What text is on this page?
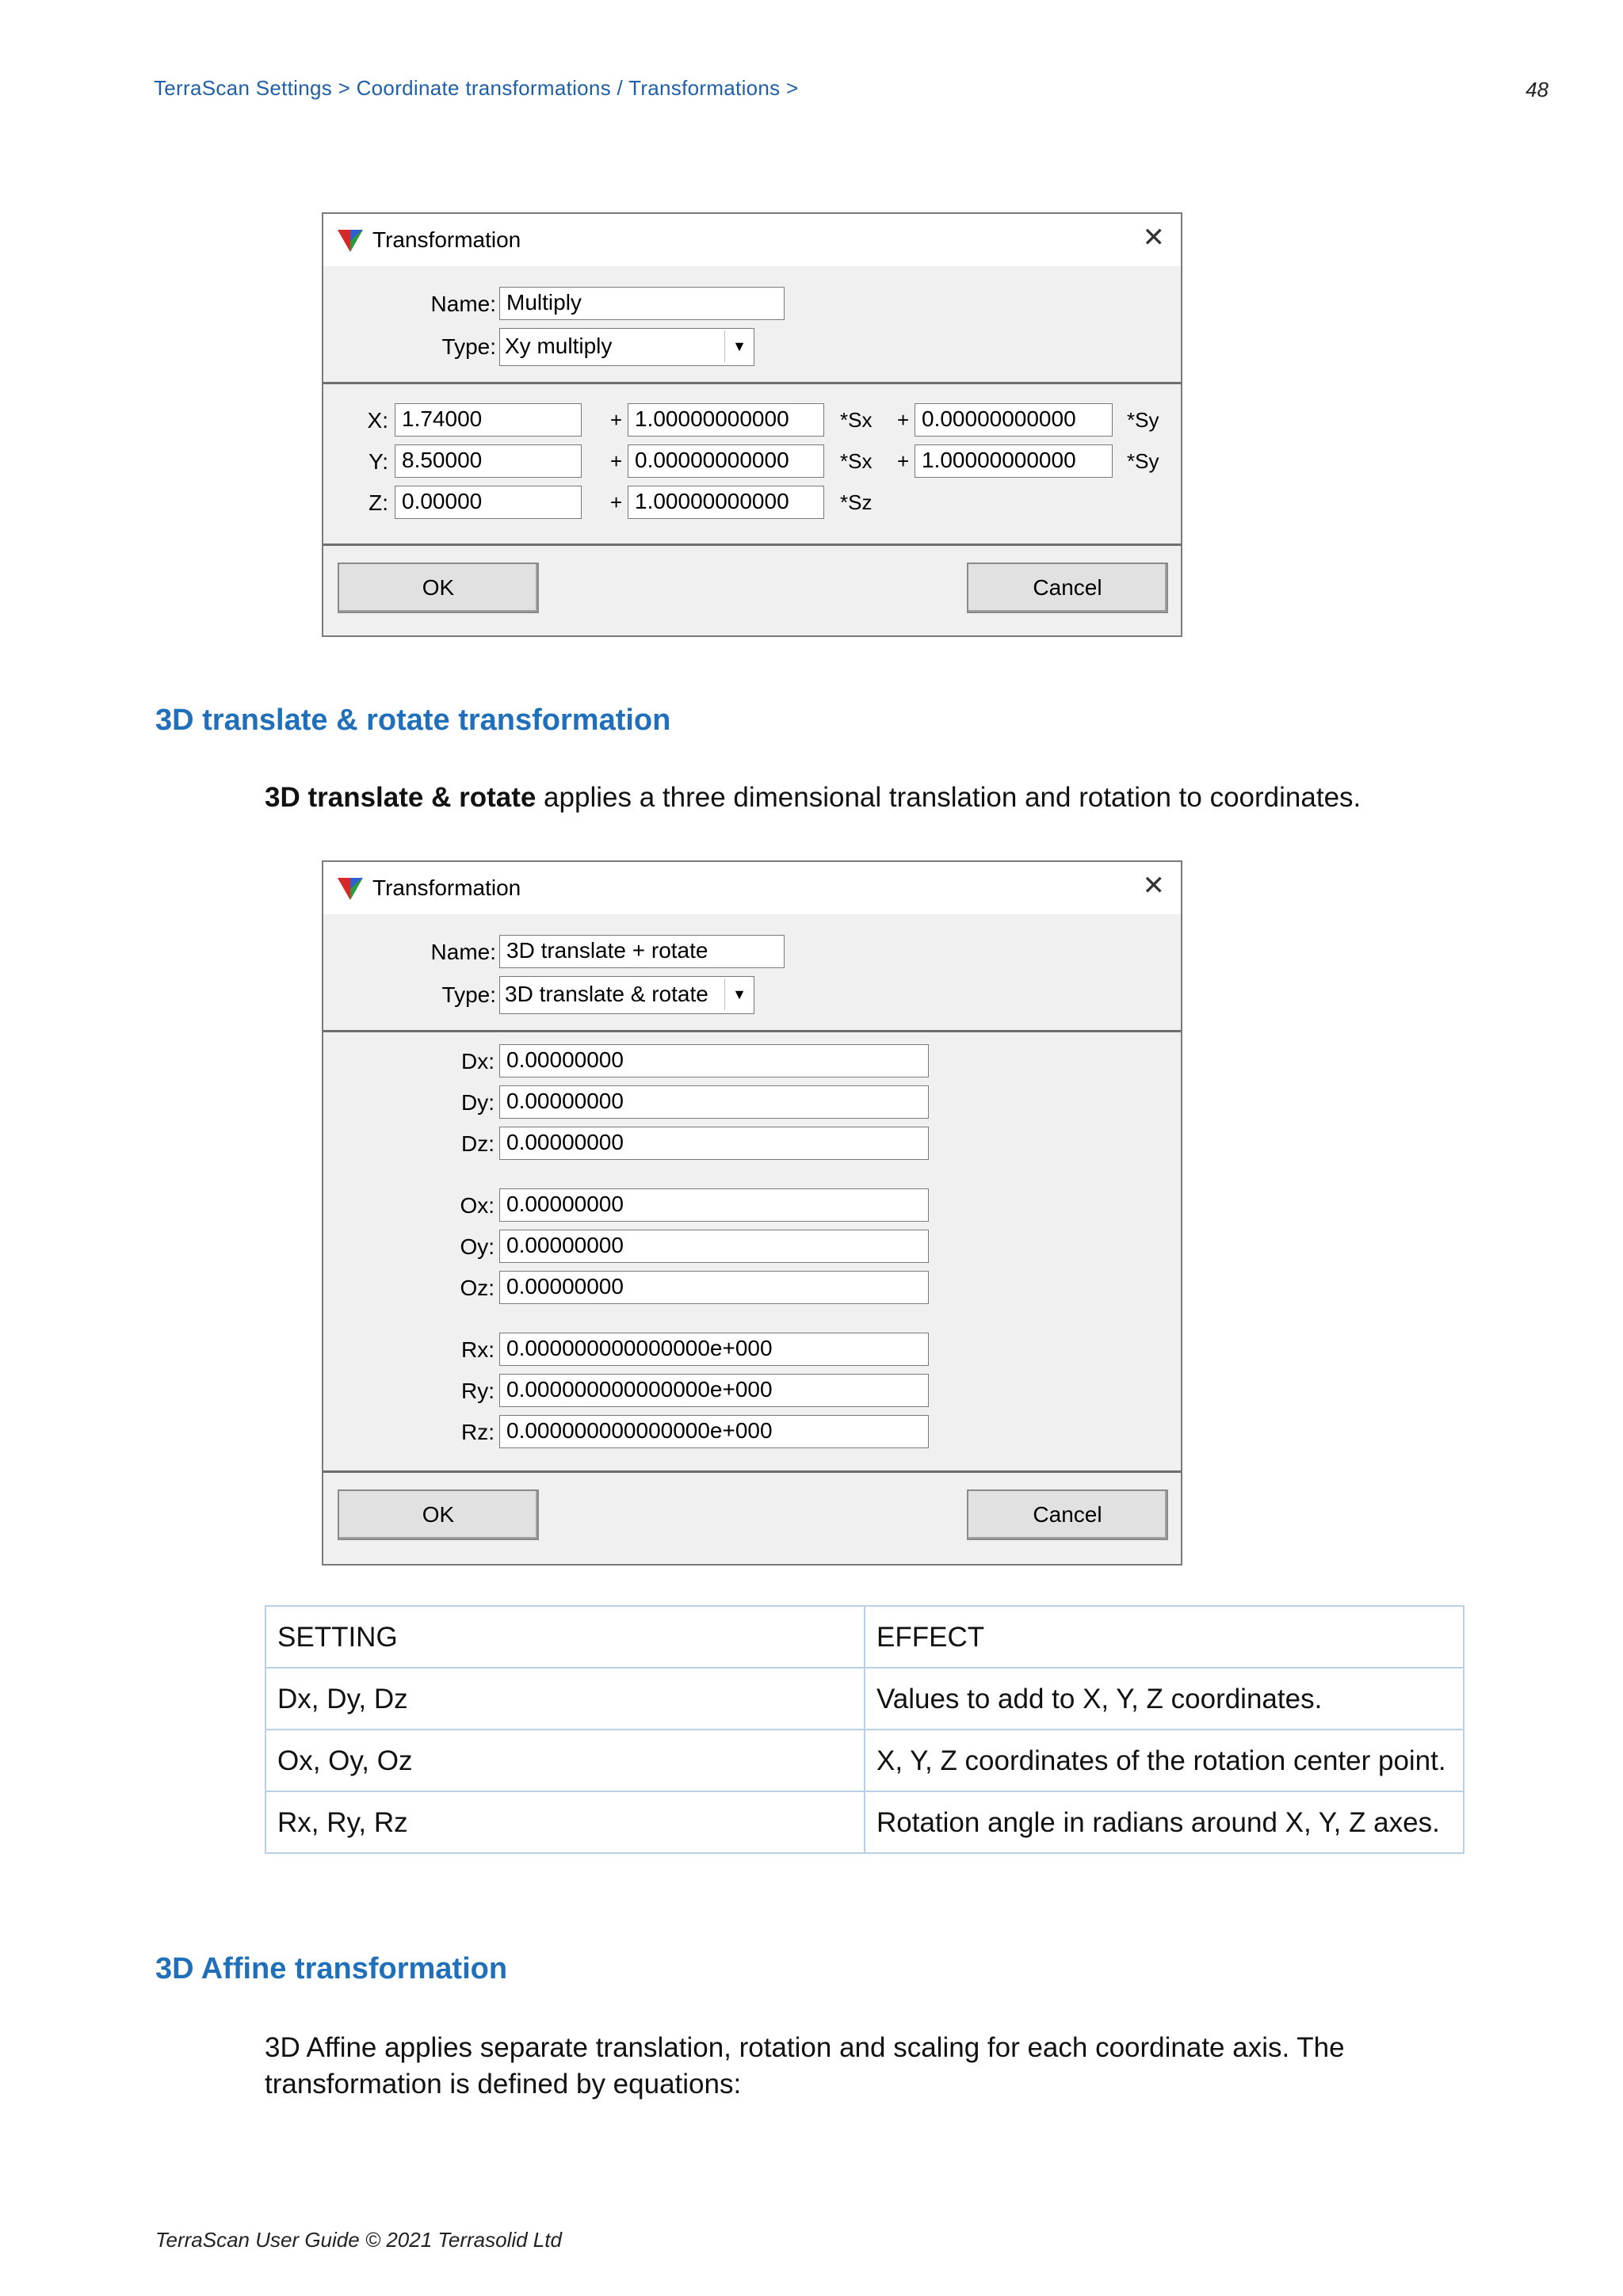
TerraScan Settings > Coordinate transformations / Transformations >	48
Transformation	✕
Name: Multiply
Type: Xy multiply	▼
X: 1.74000	+ 1.00000000000	*Sx + 0.00000000000	*Sy
Y: 8.50000	+ 0.00000000000	*Sx + 1.00000000000	*Sy
Z: 0.00000	+ 1.00000000000	*Sz
OK	Cancel
3D translate & rotate transformation

3D translate & rotate applies a three dimensional translation and rotation to coordinates.

Transformation	✕
Name: 3D translate + rotate
Type: 3D translate & rotate	▼
Dx: 0.00000000
Dy: 0.00000000
Dz: 0.00000000
Ox: 0.00000000
Oy: 0.00000000
Oz: 0.00000000
Rx: 0.000000000000000e+000
Ry: 0.000000000000000e+000
Rz: 0.000000000000000e+000
OK	Cancel
SETTING	EFFECT
Dx, Dy, Dz	Values to add to X, Y, Z coordinates.
Ox, Oy, Oz	X, Y, Z coordinates of the rotation center point.
Rx, Ry, Rz	Rotation angle in radians around X, Y, Z axes.
3D Affine transformation

3D Affine applies separate translation, rotation and scaling for each coordinate axis. The transformation is defined by equations:

TerraScan User Guide © 2021 Terrasolid Ltd
